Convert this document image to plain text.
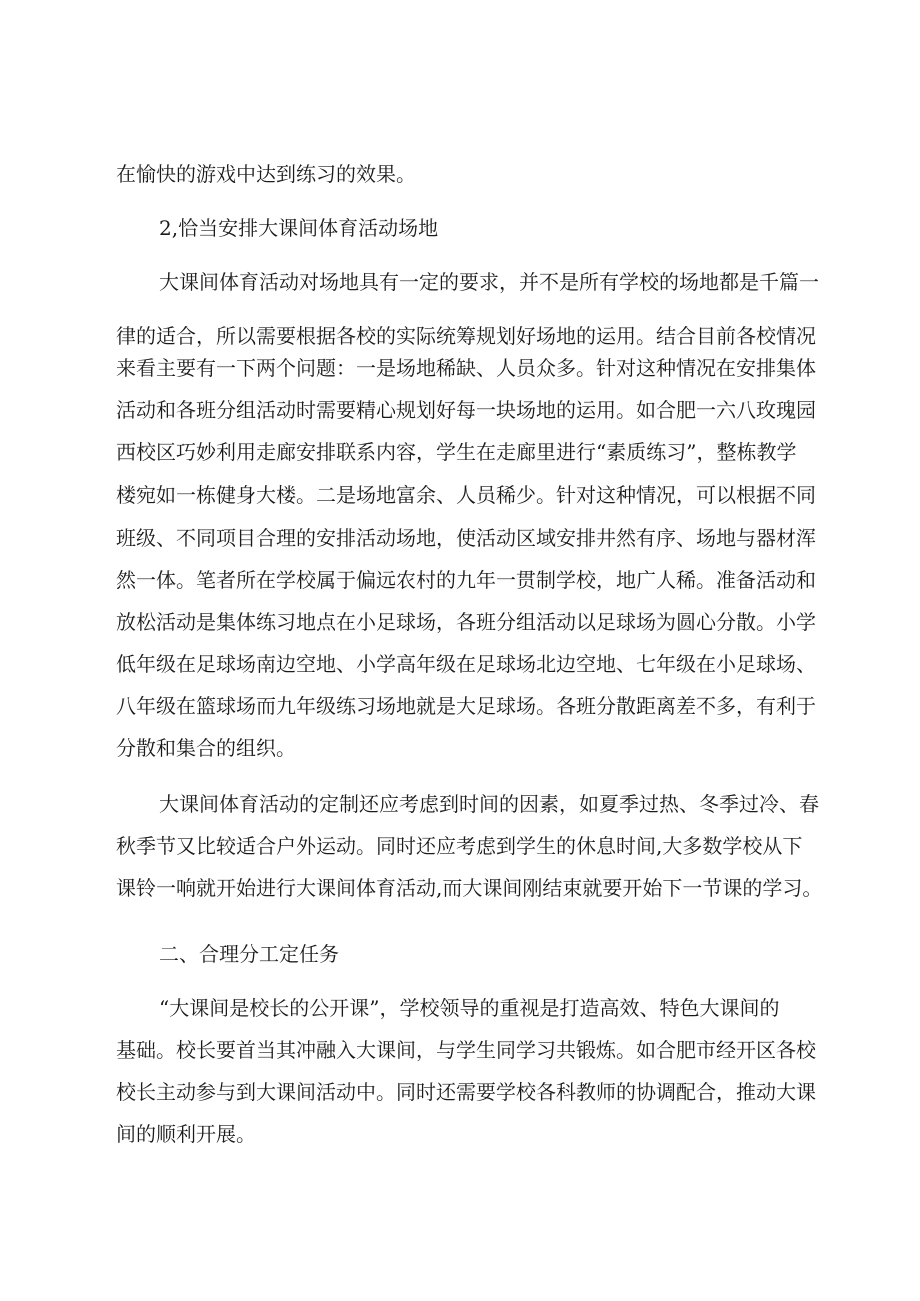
在愉快的游戏中达到练习的效果。

2,恰当安排大课间体育活动场地

大课间体育活动对场地具有一定的要求，并不是所有学校的场地都是千篇一

律的适合，所以需要根据各校的实际统筹规划好场地的运用。结合目前各校情况

来看主要有一下两个问题：一是场地稀缺、人员众多。针对这种情况在安排集体

活动和各班分组活动时需要精心规划好每一块场地的运用。如合肥一六八玫瑰园

西校区巧妙利用走廊安排联系内容，学生在走廊里进行“素质练习”，整栋教学

楼宛如一栋健身大楼。二是场地富余、人员稀少。针对这种情况，可以根据不同

班级、不同项目合理的安排活动场地，使活动区域安排井然有序、场地与器材浑

然一体。笔者所在学校属于偏远农村的九年一贯制学校，地广人稀。准备活动和

放松活动是集体练习地点在小足球场，各班分组活动以足球场为圆心分散。小学

低年级在足球场南边空地、小学高年级在足球场北边空地、七年级在小足球场、

八年级在篮球场而九年级练习场地就是大足球场。各班分散距离差不多，有利于

分散和集合的组织。

大课间体育活动的定制还应考虑到时间的因素，如夏季过热、冬季过冷、春

秋季节又比较适合户外运动。同时还应考虑到学生的休息时间,大多数学校从下

课铃一响就开始进行大课间体育活动,而大课间刚结束就要开始下一节课的学习。

二、合理分工定任务

“大课间是校长的公开课”，学校领导的重视是打造高效、特色大课间的

基础。校长要首当其冲融入大课间，与学生同学习共锻炼。如合肥市经开区各校

校长主动参与到大课间活动中。同时还需要学校各科教师的协调配合，推动大课

间的顺利开展。
